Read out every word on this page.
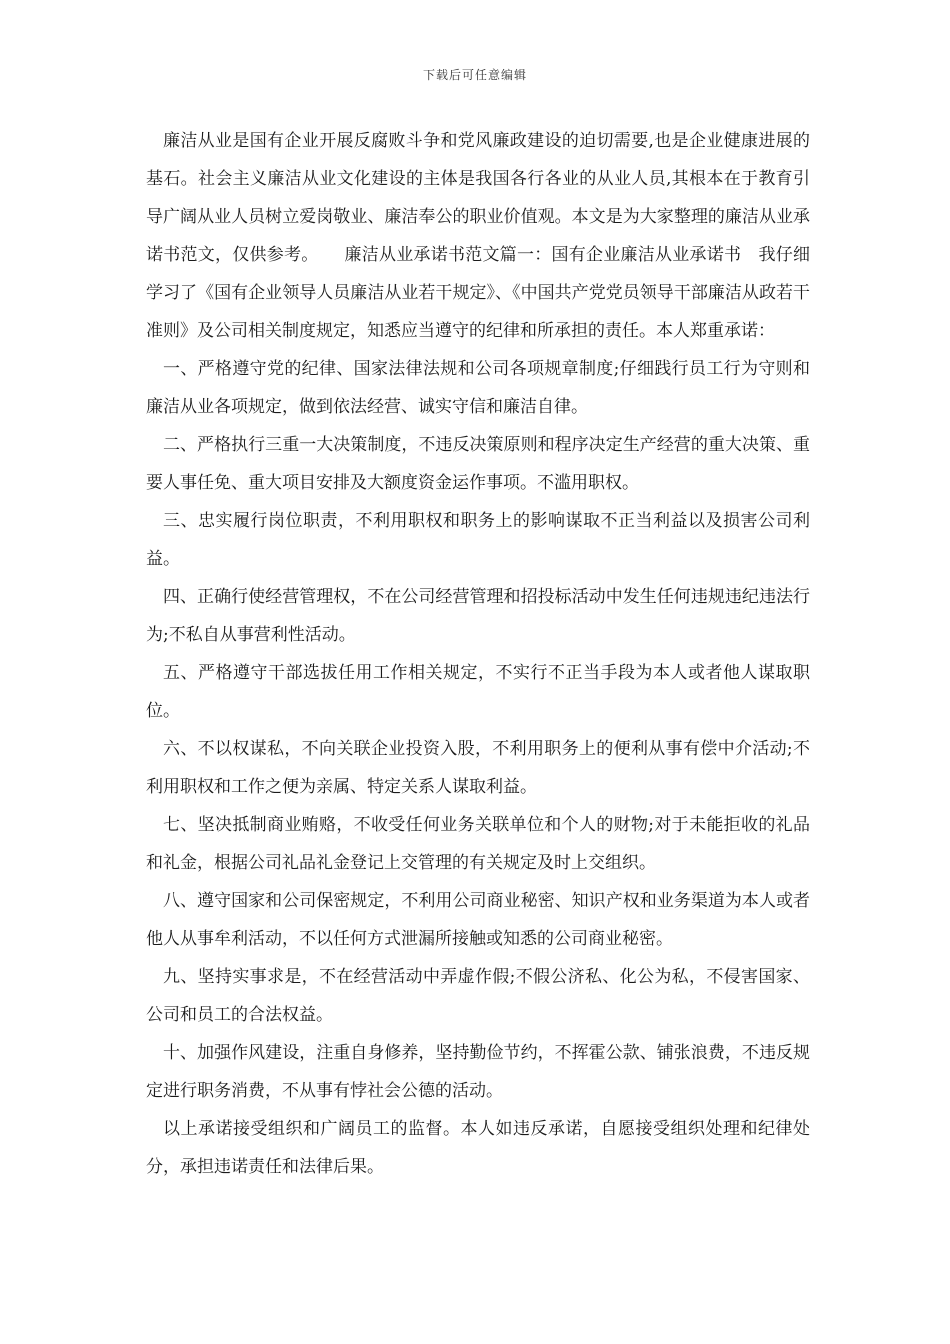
下载后可任意编辑

廉洁从业是国有企业开展反腐败斗争和党风廉政建设的迫切需要,也是企业健康进展的基石。社会主义廉洁从业文化建设的主体是我国各行各业的从业人员,其根本在于教育引导广阔从业人员树立爱岗敬业、廉洁奉公的职业价值观。本文是为大家整理的廉洁从业承诺书范文，仅供参考。　　廉洁从业承诺书范文篇一：国有企业廉洁从业承诺书　我仔细学习了《国有企业领导人员廉洁从业若干规定》、《中国共产党党员领导干部廉洁从政若干准则》及公司相关制度规定，知悉应当遵守的纪律和所承担的责任。本人郑重承诺：

一、严格遵守党的纪律、国家法律法规和公司各项规章制度;仔细践行员工行为守则和廉洁从业各项规定，做到依法经营、诚实守信和廉洁自律。

二、严格执行三重一大决策制度，不违反决策原则和程序决定生产经营的重大决策、重要人事任免、重大项目安排及大额度资金运作事项。不滥用职权。

三、忠实履行岗位职责，不利用职权和职务上的影响谋取不正当利益以及损害公司利益。

四、正确行使经营管理权，不在公司经营管理和招投标活动中发生任何违规违纪违法行为;不私自从事营利性活动。

五、严格遵守干部选拔任用工作相关规定，不实行不正当手段为本人或者他人谋取职位。

六、不以权谋私，不向关联企业投资入股，不利用职务上的便利从事有偿中介活动;不利用职权和工作之便为亲属、特定关系人谋取利益。

七、坚决抵制商业贿赂，不收受任何业务关联单位和个人的财物;对于未能拒收的礼品和礼金，根据公司礼品礼金登记上交管理的有关规定及时上交组织。

八、遵守国家和公司保密规定，不利用公司商业秘密、知识产权和业务渠道为本人或者他人从事牟利活动，不以任何方式泄漏所接触或知悉的公司商业秘密。

九、坚持实事求是，不在经营活动中弄虚作假;不假公济私、化公为私，不侵害国家、公司和员工的合法权益。

十、加强作风建设，注重自身修养，坚持勤俭节约，不挥霍公款、铺张浪费，不违反规定进行职务消费，不从事有悖社会公德的活动。

以上承诺接受组织和广阔员工的监督。本人如违反承诺，自愿接受组织处理和纪律处分，承担违诺责任和法律后果。
